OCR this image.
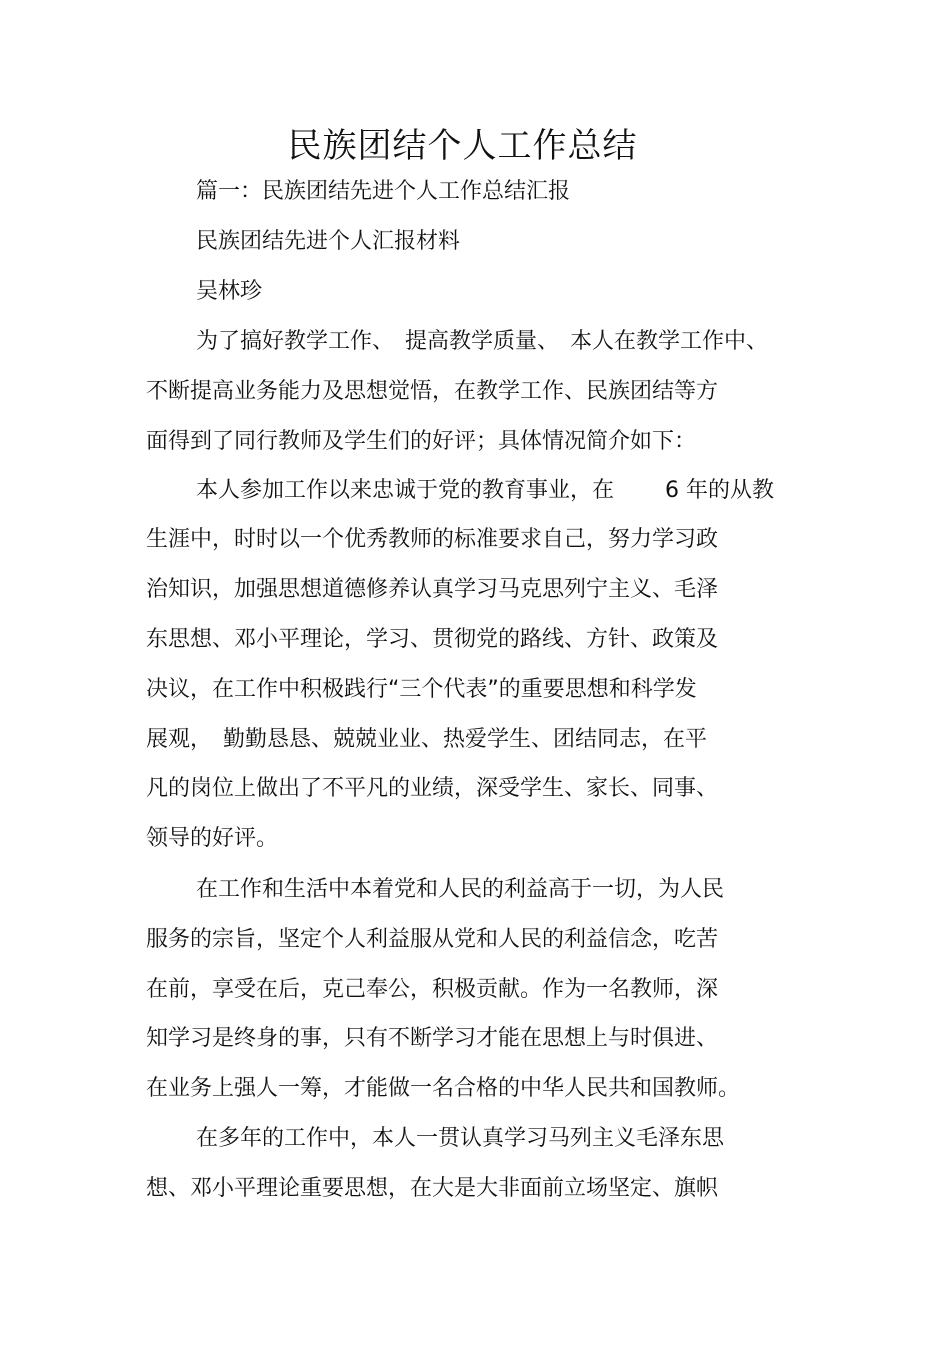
民族团结个人工作总结
篇一：民族团结先进个人工作总结汇报
民族团结先进个人汇报材料
吴林珍
为了搞好教学工作、　提高教学质量、　本人在教学工作中、
不断提高业务能力及思想觉悟，在教学工作、民族团结等方
面得到了同行教师及学生们的好评；具体情况简介如下：
本人参加工作以来忠诚于党的教育事业，在　　 6 年的从教
生涯中，时时以一个优秀教师的标准要求自己，努力学习政
治知识，加强思想道德修养认真学习马克思列宁主义、毛泽
东思想、邓小平理论，学习、贯彻党的路线、方针、政策及
决议，在工作中积极践行“三个代表”的重要思想和科学发
展观，　勤勤恳恳、兢兢业业、热爱学生、团结同志，在平
凡的岗位上做出了不平凡的业绩，深受学生、家长、同事、
领导的好评。
在工作和生活中本着党和人民的利益高于一切，为人民
服务的宗旨，坚定个人利益服从党和人民的利益信念，吃苦
在前，享受在后，克己奉公，积极贡献。作为一名教师，深
知学习是终身的事，只有不断学习才能在思想上与时俱进、
在业务上强人一筹，才能做一名合格的中华人民共和国教师。
在多年的工作中，本人一贯认真学习马列主义毛泽东思
想、邓小平理论重要思想，在大是大非面前立场坚定、旗帜
